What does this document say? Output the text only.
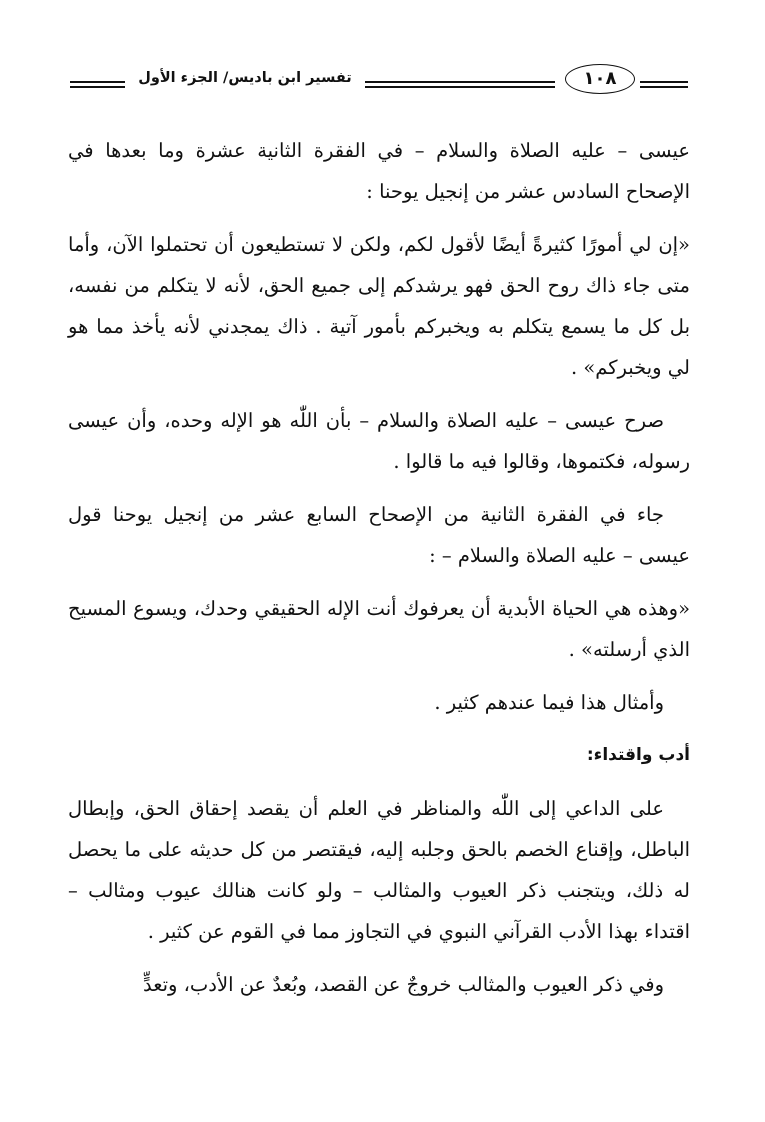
١٠٨
تفسير ابن باديس/ الجزء الأول

عيسى – عليه الصلاة والسلام – في الفقرة الثانية عشرة وما بعدها في الإصحاح السادس عشر من إنجيل يوحنا :

«إن لي أمورًا كثيرةً أيضًا لأقول لكم، ولكن لا تستطيعون أن تحتملوا الآن، وأما متى جاء ذاك روح الحق فهو يرشدكم إلى جميع الحق، لأنه لا يتكلم من نفسه، بل كل ما يسمع يتكلم به ويخبركم بأمور آتية . ذاك يمجدني لأنه يأخذ مما هو لي ويخبركم» .

صرح عيسى – عليه الصلاة والسلام – بأن اللّٰه هو الإله وحده، وأن عيسى رسوله، فكتموها، وقالوا فيه ما قالوا .

جاء في الفقرة الثانية من الإصحاح السابع عشر من إنجيل يوحنا قول عيسى – عليه الصلاة والسلام – :

«وهذه هي الحياة الأبدية أن يعرفوك أنت الإله الحقيقي وحدك، ويسوع المسيح الذي أرسلته» .

وأمثال هذا فيما عندهم كثير .

أدب واقتداء:

على الداعي إلى اللّٰه والمناظر في العلم أن يقصد إحقاق الحق، وإبطال الباطل، وإقناع الخصم بالحق وجلبه إليه، فيقتصر من كل حديثه على ما يحصل له ذلك، ويتجنب ذكر العيوب والمثالب – ولو كانت هنالك عيوب ومثالب – اقتداء بهذا الأدب القرآني النبوي في التجاوز مما في القوم عن كثير .

وفي ذكر العيوب والمثالب خروجٌ عن القصد، وبُعدٌ عن الأدب، وتعدٍّ
